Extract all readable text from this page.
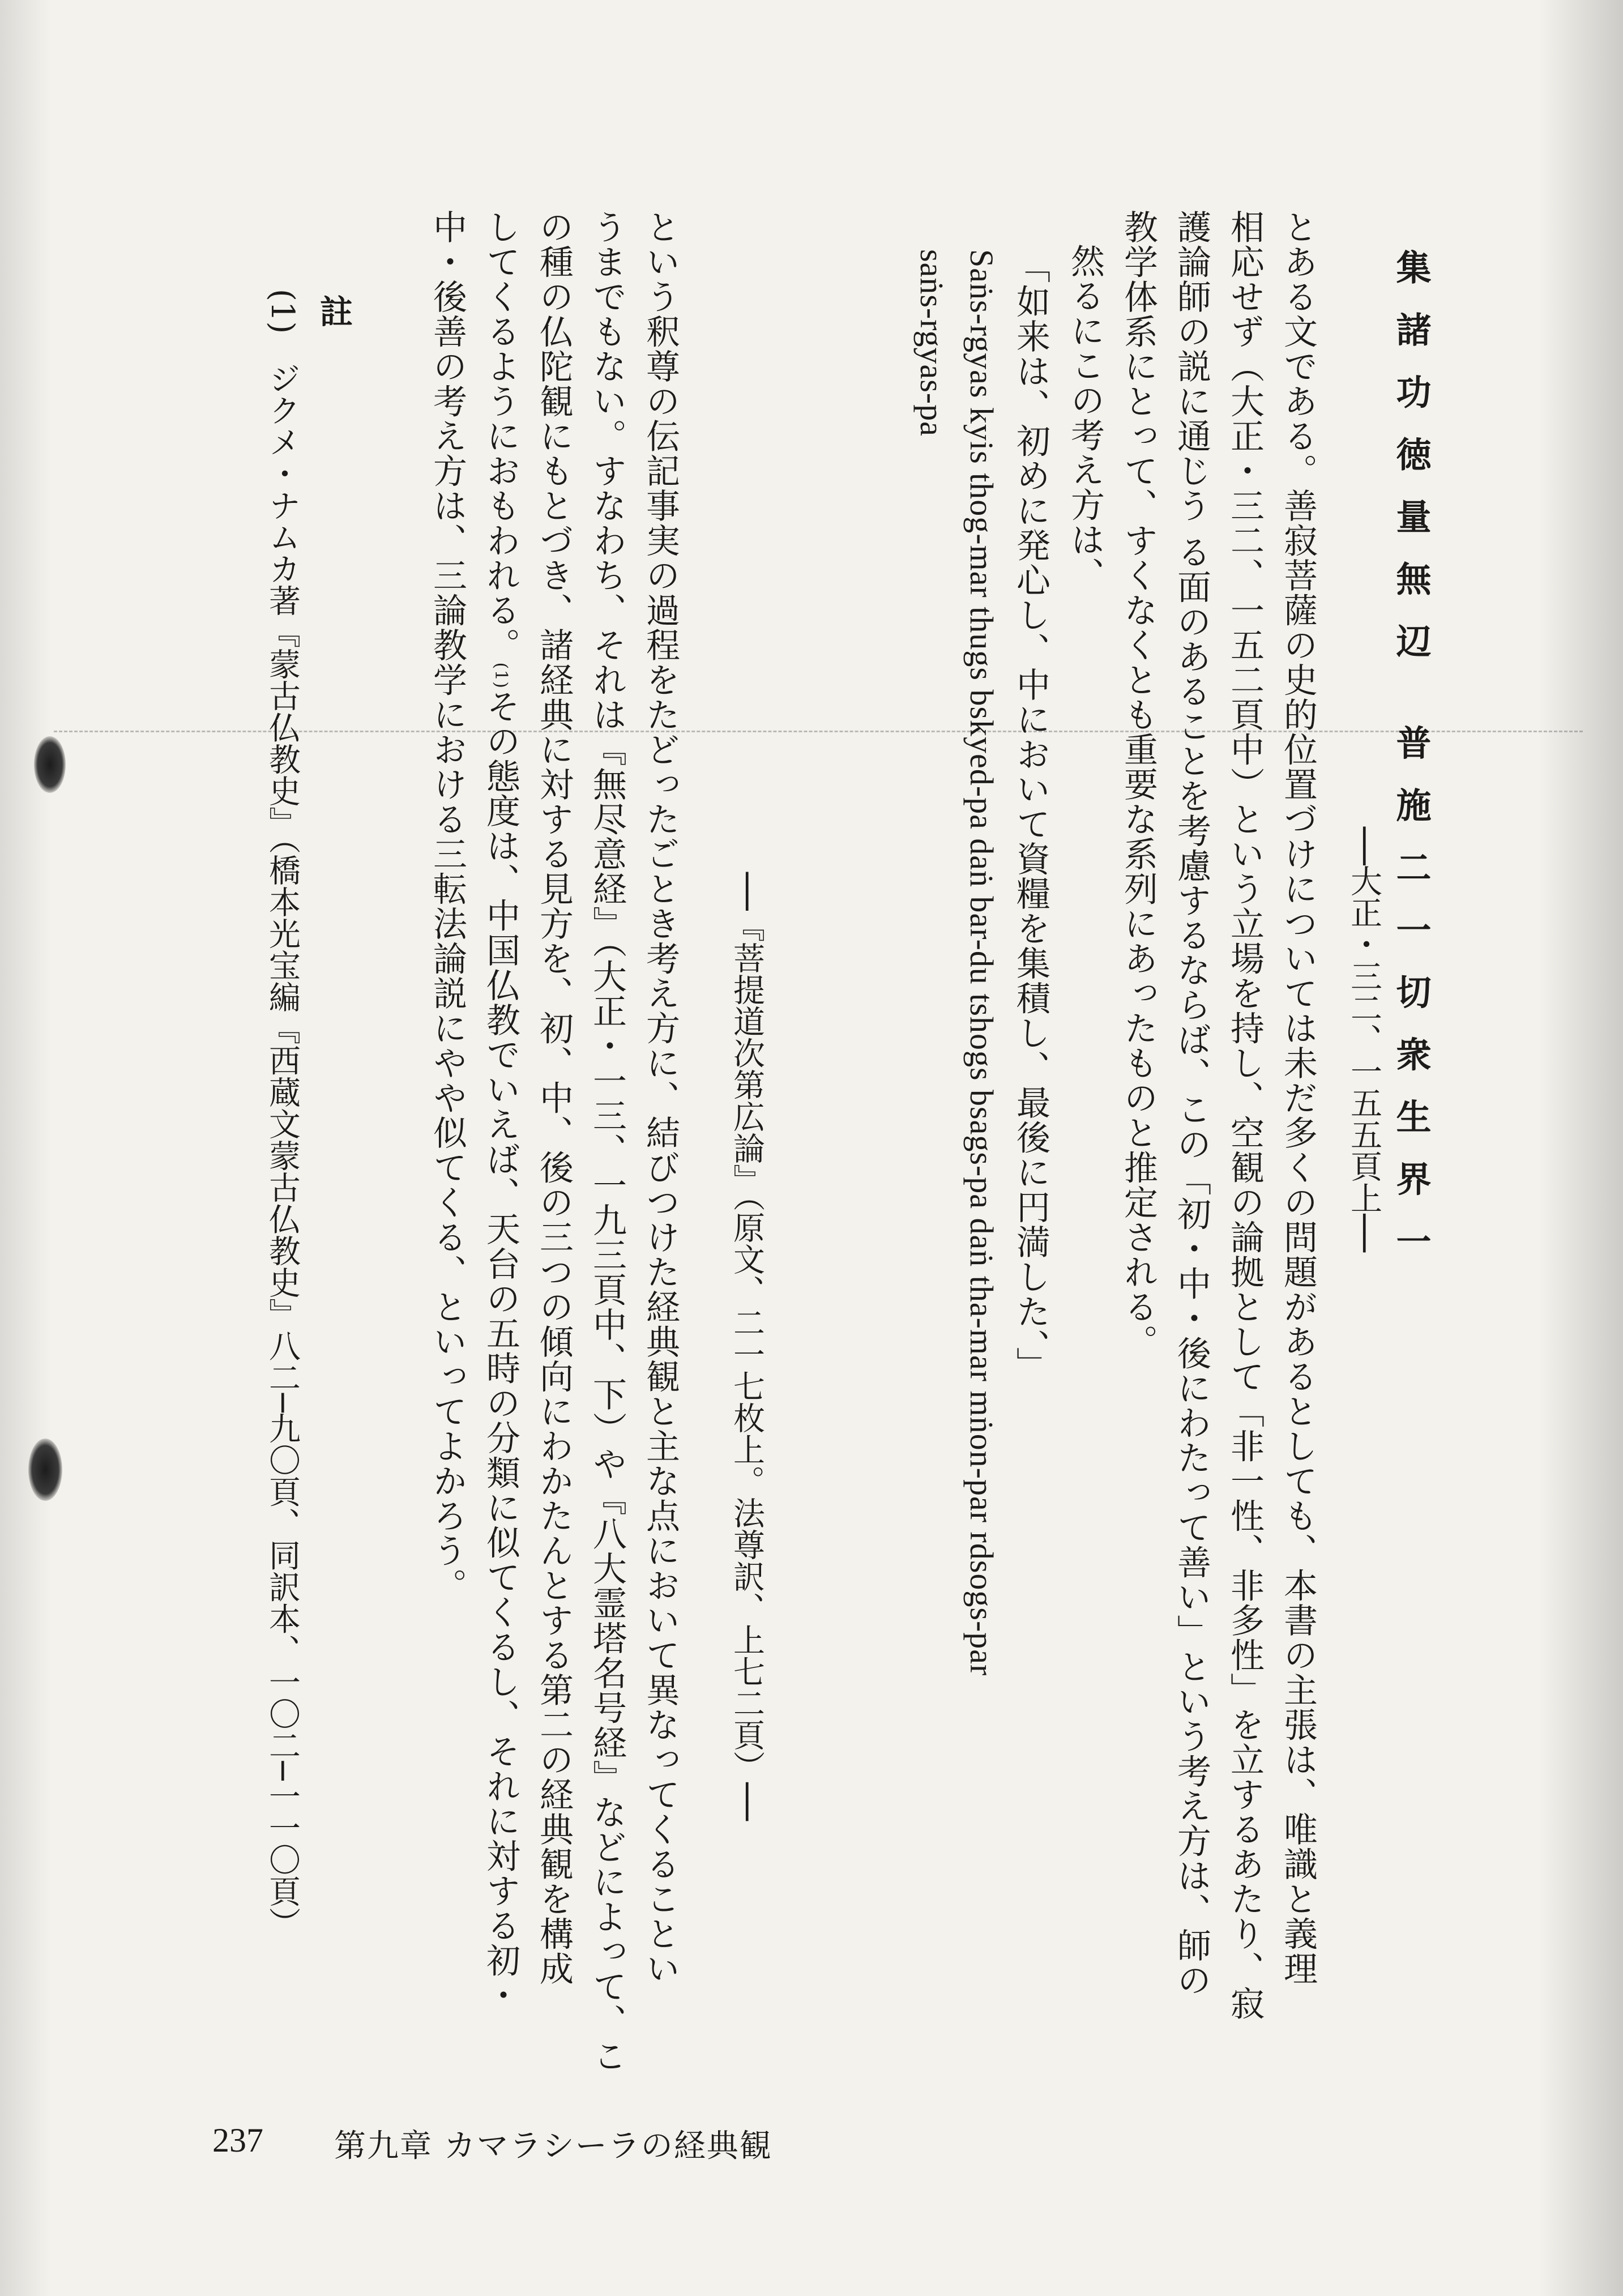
集諸功徳量無辺 普施二一切衆生界一
──大正・三二、一五五頁上──
とある文である。善寂菩薩の史的位置づけについては未だ多くの問題があるとしても、本書の主張は、唯識と義理
相応せず（大正・三二、一五二頁中）という立場を持し、空観の論拠として「非一性、非多性」を立するあたり、寂
護論師の説に通じう る面のあることを考慮するならば、この「初・中・後にわたって善い」という考え方は、師の
教学体系にとって、すくなくとも重要な系列にあったものと推定される。
然るにこの考え方は、
「如来は、初めに発心し、中において資糧を集積し、最後に円満した、」
Saṅs-rgyas kyis thog-mar thugs bskyed-pa daṅ bar-du tshogs bsags-pa daṅ tha-mar mṅon-par rdsogs-par
saṅs-rgyas-pa
──『菩提道次第広論』（原文、二一七枚上。法尊訳、上七二頁）──
という釈尊の伝記事実の過程をたどったごとき考え方に、結びつけた経典観と主な点において異なってくることい
うまでもない。すなわち、それは『無尽意経』（大正・一三、一九三頁中、下）や『八大霊塔名号経』などによって、こ
の種の仏陀観にもとづき、諸経典に対する見方を、初、中、後の三つの傾向にわかたんとする第二の経典観を構成
してくるようにおもわれる。(1)その態度は、中国仏教でいえば、天台の五時の分類に似てくるし、それに対する初・
中・後善の考え方は、三論教学における三転法論説にやや似てくる、といってよかろう。
註
(1)
ジクメ・ナムカ著『蒙古仏教史』（橋本光宝編『西蔵文蒙古仏教史』八二─九〇頁、同訳本、一〇二─一一〇頁）
237 第九章 カマラシーラの経典観
